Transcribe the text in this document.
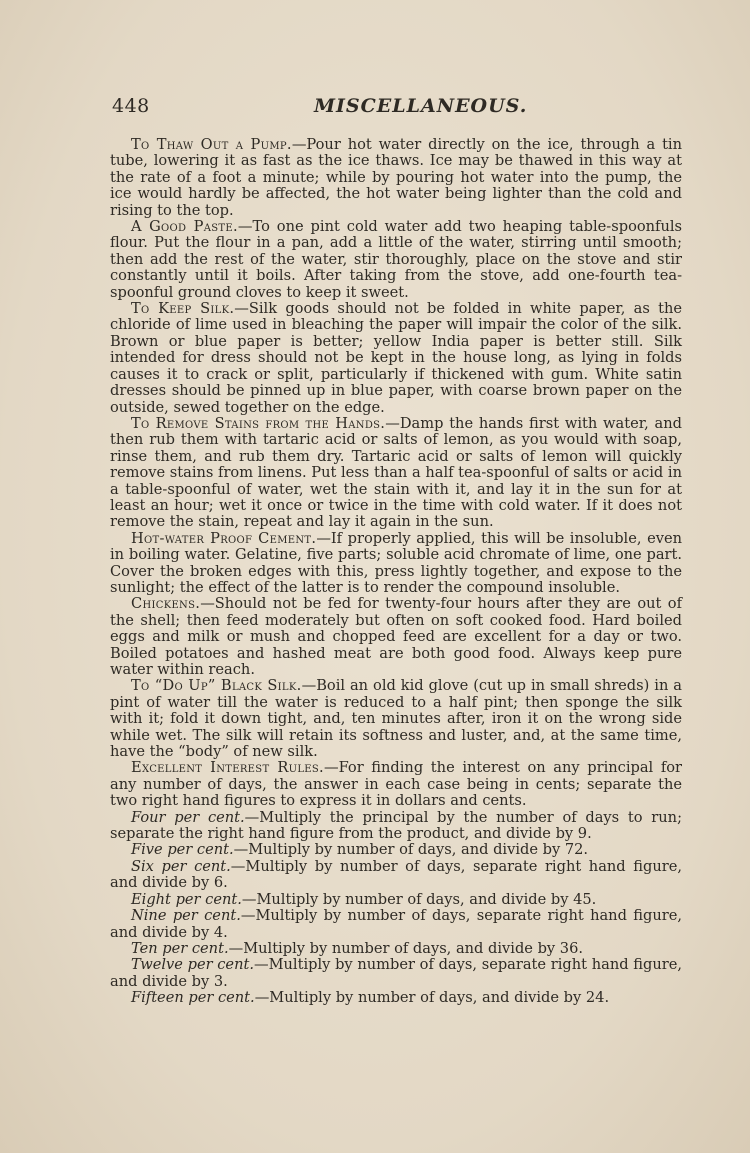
448	MISCELLANEOUS.

To Thaw Out a Pump.—Pour hot water directly on the ice, through a tin tube, lowering it as fast as the ice thaws. Ice may be thawed in this way at the rate of a foot a minute; while by pouring hot water into the pump, the ice would hardly be affected, the hot water being lighter than the cold and rising to the top.

A Good Paste.—To one pint cold water add two heaping table-spoonfuls flour. Put the flour in a pan, add a little of the water, stirring until smooth; then add the rest of the water, stir thoroughly, place on the stove and stir constantly until it boils. After taking from the stove, add one-fourth tea-spoonful ground cloves to keep it sweet.

To Keep Silk.—Silk goods should not be folded in white paper, as the chloride of lime used in bleaching the paper will impair the color of the silk. Brown or blue paper is better; yellow India paper is better still. Silk intended for dress should not be kept in the house long, as lying in folds causes it to crack or split, particularly if thickened with gum. White satin dresses should be pinned up in blue paper, with coarse brown paper on the outside, sewed together on the edge.

To Remove Stains from the Hands.—Damp the hands first with water, and then rub them with tartaric acid or salts of lemon, as you would with soap, rinse them, and rub them dry. Tartaric acid or salts of lemon will quickly remove stains from linens. Put less than a half tea-spoonful of salts or acid in a table-spoonful of water, wet the stain with it, and lay it in the sun for at least an hour; wet it once or twice in the time with cold water. If it does not remove the stain, repeat and lay it again in the sun.

Hot-water Proof Cement.—If properly applied, this will be insoluble, even in boiling water. Gelatine, five parts; soluble acid chromate of lime, one part. Cover the broken edges with this, press lightly together, and expose to the sunlight; the effect of the latter is to render the compound insoluble.

Chickens.—Should not be fed for twenty-four hours after they are out of the shell; then feed moderately but often on soft cooked food. Hard boiled eggs and milk or mush and chopped feed are excellent for a day or two. Boiled potatoes and hashed meat are both good food. Always keep pure water within reach.

To “Do Up” Black Silk.—Boil an old kid glove (cut up in small shreds) in a pint of water till the water is reduced to a half pint; then sponge the silk with it; fold it down tight, and, ten minutes after, iron it on the wrong side while wet. The silk will retain its softness and luster, and, at the same time, have the “body” of new silk.

Excellent Interest Rules.—For finding the interest on any principal for any number of days, the answer in each case being in cents; separate the two right hand figures to express it in dollars and cents.

Four per cent.—Multiply the principal by the number of days to run; separate the right hand figure from the product, and divide by 9.

Five per cent.—Multiply by number of days, and divide by 72.

Six per cent.—Multiply by number of days, separate right hand figure, and divide by 6.

Eight per cent.—Multiply by number of days, and divide by 45.

Nine per cent.—Multiply by number of days, separate right hand figure, and divide by 4.

Ten per cent.—Multiply by number of days, and divide by 36.

Twelve per cent.—Multiply by number of days, separate right hand figure, and divide by 3.

Fifteen per cent.—Multiply by number of days, and divide by 24.
